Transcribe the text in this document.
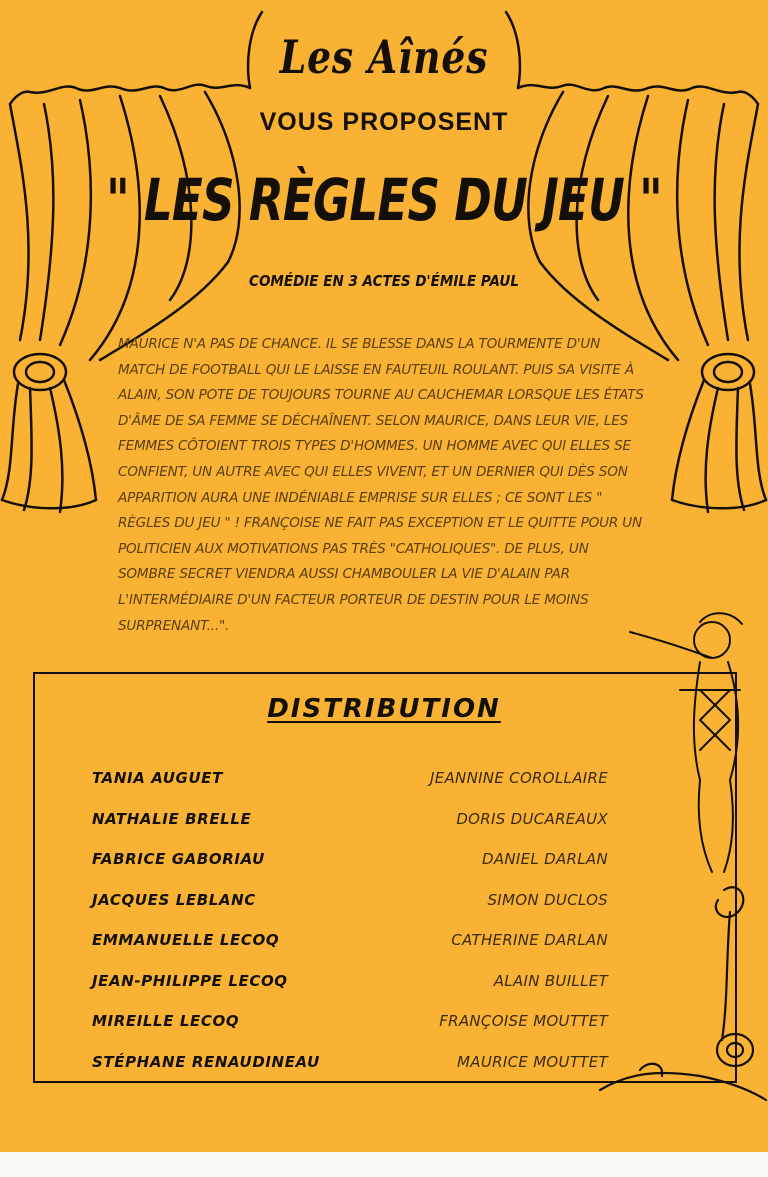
Les Aînés
VOUS PROPOSENT
" LES RÈGLES DU JEU "
COMÉDIE EN 3 ACTES D'ÉMILE PAUL
MAURICE N'A PAS DE CHANCE. IL SE BLESSE DANS LA TOURMENTE D'UN MATCH DE FOOTBALL QUI LE LAISSE EN FAUTEUIL ROULANT. PUIS SA VISITE À ALAIN, SON POTE DE TOUJOURS TOURNE AU CAUCHEMAR LORSQUE LES ÉTATS D'ÂME DE SA FEMME SE DÉCHAÎNENT. SELON MAURICE, DANS LEUR VIE, LES FEMMES CÔTOIENT TROIS TYPES D'HOMMES. UN HOMME AVEC QUI ELLES SE CONFIENT, UN AUTRE AVEC QUI ELLES VIVENT, ET UN DERNIER QUI DÈS SON APPARITION AURA UNE INDÉNIABLE EMPRISE SUR ELLES ; CE SONT LES " RÈGLES DU JEU " ! FRANÇOISE NE FAIT PAS EXCEPTION ET LE QUITTE POUR UN POLITICIEN AUX MOTIVATIONS PAS TRÈS "CATHOLIQUES". DE PLUS, UN SOMBRE SECRET VIENDRA AUSSI CHAMBOULER LA VIE D'ALAIN PAR L'INTERMÉDIAIRE D'UN FACTEUR PORTEUR DE DESTIN POUR LE MOINS SURPRENANT...".
DISTRIBUTION
TANIA AUGUET	JEANNINE COROLLAIRE
NATHALIE BRELLE	DORIS DUCAREAUX
FABRICE GABORIAU	DANIEL DARLAN
JACQUES LEBLANC	SIMON DUCLOS
EMMANUELLE LECOQ	CATHERINE DARLAN
JEAN-PHILIPPE LECOQ	ALAIN BUILLET
MIREILLE LECOQ	FRANÇOISE MOUTTET
STÉPHANE RENAUDINEAU	MAURICE MOUTTET
